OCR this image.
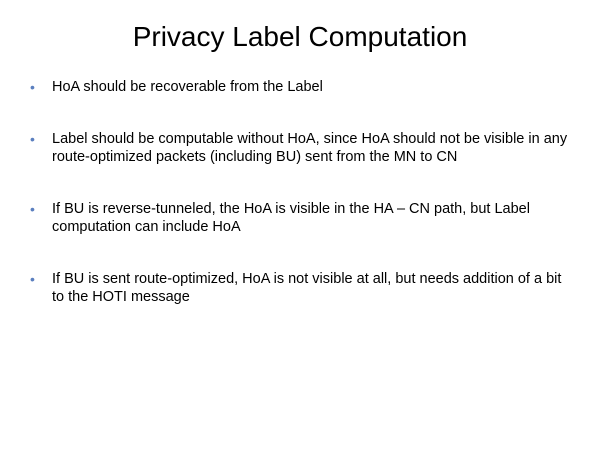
Privacy Label Computation
• HoA should be recoverable from the Label
• Label should be computable without HoA, since HoA should not be visible in any route-optimized packets (including BU) sent from the MN to CN
• If BU is reverse-tunneled, the HoA is visible in the HA – CN path, but Label computation can include HoA
• If BU is sent route-optimized, HoA is not visible at all, but needs addition of a bit to the HOTI message
